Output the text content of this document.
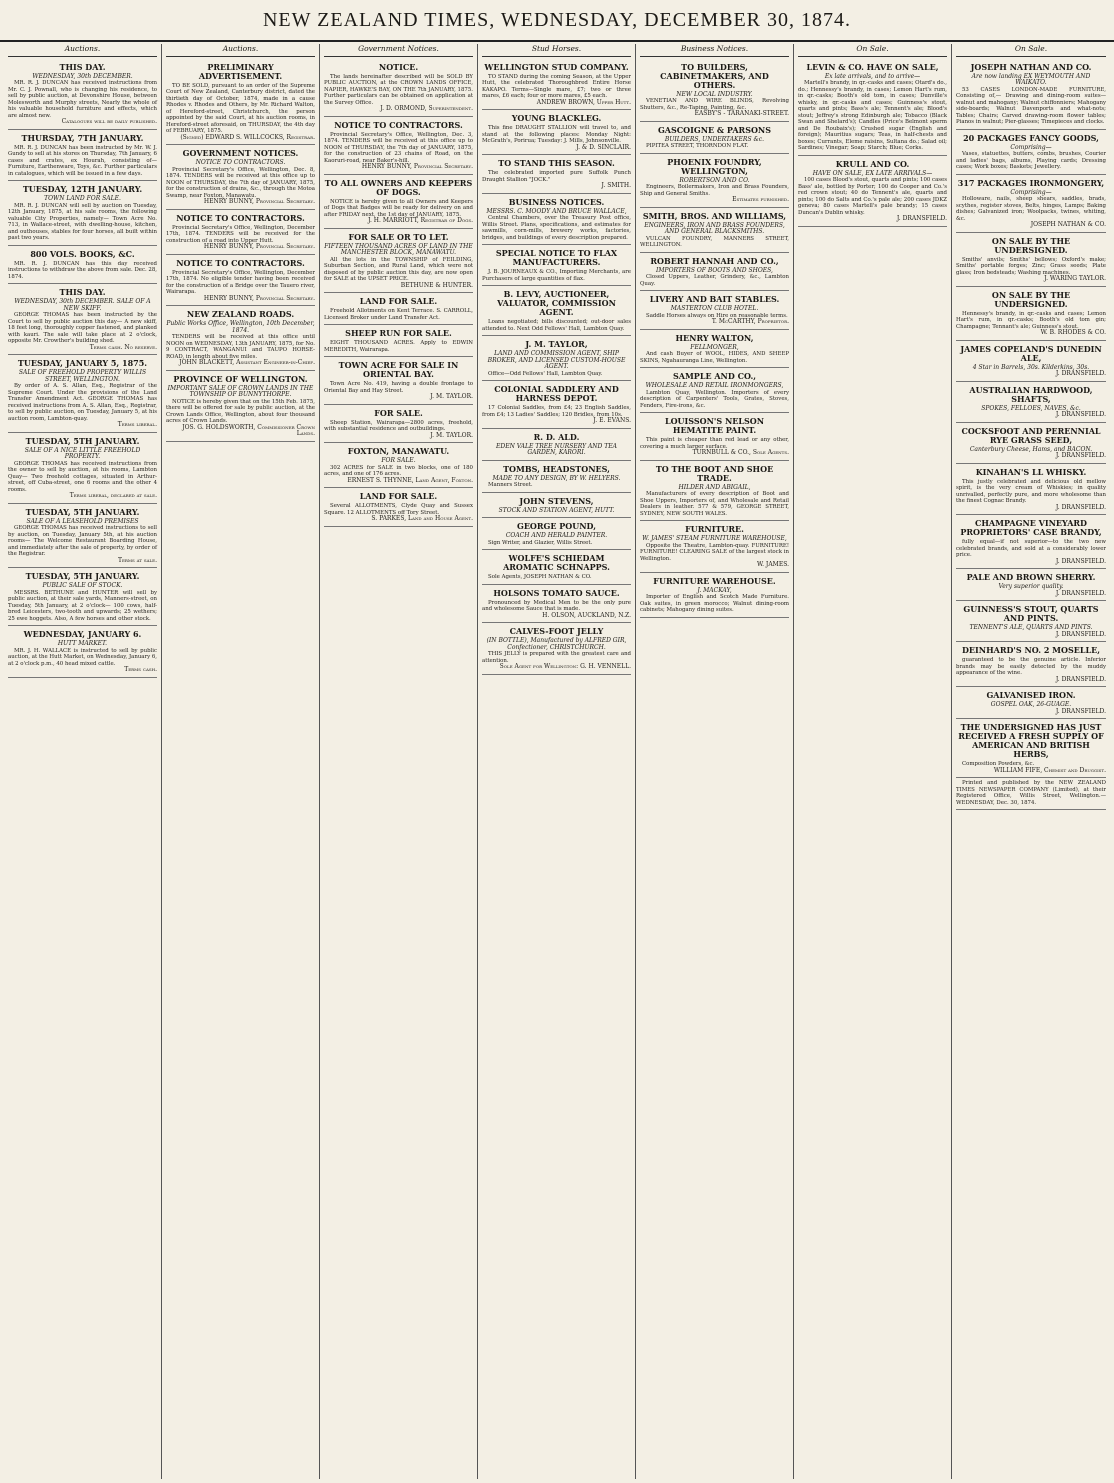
NEW ZEALAND TIMES, WEDNESDAY, DECEMBER 30, 1874.
Auctions.
THIS DAY.
WEDNESDAY, 30th DECEMBER.
MR. R. J. DUNCAN has received instructions from Mr. C. J. Pownall, who is changing his residence, to sell by public auction, at Devonshire House, between Molesworth and Murphy streets, Nearly the whole of his valuable household furniture and effects, which are almost new.
Catalogues will be daily published.
THURSDAY, 7TH JANUARY.
MR. R. J. DUNCAN has been instructed by Mr. W. J. Gundy to sell at his stores on Thursday, 7th January, 6 cases and crates, ex Hourah, consisting of— Furniture, Earthenware, Toys, &c. Further particulars in catalogues, which will be issued in a few days.
TUESDAY, 12TH JANUARY.
TOWN LAND FOR SALE.
MR. R. J. DUNCAN will sell by auction on Tuesday, 12th January, 1875, at his sale rooms, the following valuable City Properties, namely— Town Acre No. 713, in Wallace-street, with dwelling-house, kitchen, and outhouses, stables for four horses, all built within past two years.
800 VOLS. BOOKS, &C.
MR. R. J. DUNCAN has this day received instructions to withdraw the above from sale. Dec. 28, 1874.
THIS DAY.
WEDNESDAY, 30th DECEMBER. SALE OF A NEW SKIFF.
GEORGE THOMAS has been instructed by the Court to sell by public auction this day— A new skiff, 18 feet long, thoroughly copper fastened, and planked with kauri. The sale will take place at 2 o'clock, opposite Mr. Crowther's building shed.
Terms cash. No reserve.
TUESDAY, JANUARY 5, 1875.
SALE OF FREEHOLD PROPERTY WILLIS STREET, WELLINGTON.
By order of A. S. Allan, Esq., Registrar of the Supreme Court. Under the provisions of the Land Transfer Amendment Act. GEORGE THOMAS has received instructions from A. S. Allan, Esq., Registrar, to sell by public auction, on Tuesday, January 5, at his auction room, Lambton-quay.
Terms liberal.
TUESDAY, 5TH JANUARY.
SALE OF A NICE LITTLE FREEHOLD PROPERTY.
GEORGE THOMAS has received instructions from the owner to sell by auction, at his rooms, Lambton Quay— Two freehold cottages, situated in Arthur-street, off Cuba-street, one 6 rooms and the other 4 rooms.
Terms liberal, declared at sale.
TUESDAY, 5TH JANUARY.
SALE OF A LEASEHOLD PREMISES
GEORGE THOMAS has received instructions to sell by auction, on Tuesday, January 5th, at his auction rooms— The Welcome Restaurant Boarding House, and immediately after the sale of property, by order of the Registrar.
Terms at sale.
TUESDAY, 5TH JANUARY.
PUBLIC SALE OF STOCK.
MESSRS. BETHUNE and HUNTER will sell by public auction, at their sale yards, Manners-street, on Tuesday, 5th January, at 2 o'clock— 100 cows, half-bred Leicesters, two-tooth and upwards; 25 wethers; 25 ewe hoggets. Also, A few horses and other stock.
WEDNESDAY, JANUARY 6.
HUTT MARKET.
MR. J. H. WALLACE is instructed to sell by public auction, at the Hutt Market, on Wednesday, January 6, at 2 o'clock p.m., 40 head mixed cattle.
Terms cash.
Auctions.
PRELIMINARY ADVERTISEMENT.
TO BE SOLD, pursuant to an order of the Supreme Court of New Zealand, Canterbury district, dated the thirtieth day of October, 1874, made in a cause Rhodes v. Rhodes and Others, by Mr. Richard Walton, of Hereford-street, Christchurch, the person appointed by the said Court, at his auction rooms, in Hereford-street aforesaid, on THURSDAY, the 4th day of FEBRUARY, 1875.
(Signed) EDWARD S. WILLCOCKS, Registrar.
GOVERNMENT NOTICES.
NOTICE TO CONTRACTORS.
Provincial Secretary's Office, Wellington, Dec. 8, 1874. TENDERS will be received at this office up to NOON of THURSDAY, the 7th day of JANUARY, 1875, for the construction of drains, &c., through the Motoa Swamp, near Foxton, Manawatu.
HENRY BUNNY, Provincial Secretary.
NOTICE TO CONTRACTORS.
Provincial Secretary's Office, Wellington, December 17th, 1874. TENDERS will be received for the construction of a road into Upper Hutt.
HENRY BUNNY, Provincial Secretary.
NOTICE TO CONTRACTORS.
Provincial Secretary's Office, Wellington, December 17th, 1874. No eligible tender having been received for the construction of a Bridge over the Tauero river, Wairarapa.
HENRY BUNNY, Provincial Secretary.
NEW ZEALAND ROADS.
Public Works Office, Wellington, 10th December, 1874.
TENDERS will be received at this office until NOON on WEDNESDAY, 13th JANUARY, 1875, for No. 9 CONTRACT, WANGANUI and TAUPO HORSE-ROAD, in length about five miles.
JOHN BLACKETT, Assistant Engineer-in-Chief.
PROVINCE OF WELLINGTON.
IMPORTANT SALE OF CROWN LANDS IN THE TOWNSHIP OF BUNNYTHORPE.
NOTICE is hereby given that on the 15th Feb. 1875, there will be offered for sale by public auction, at the Crown Lands Office, Wellington, about four thousand acres of Crown Lands.
JOS. G. HOLDSWORTH, Commissioner Crown Lands.
Government Notices.
NOTICE.
The lands hereinafter described will be SOLD BY PUBLIC AUCTION, at the CROWN LANDS OFFICE, NAPIER, HAWKE'S BAY, ON THE 7th JANUARY, 1875. Further particulars can be obtained on application at the Survey Office.
J. D. ORMOND, Superintendent.
NOTICE TO CONTRACTORS.
Provincial Secretary's Office, Wellington, Dec. 3, 1874. TENDERS will be received at this office up to NOON of THURSDAY, the 7th day of JANUARY, 1875, for the construction of 23 chains of Road, on the Kaoruri-road, near Baker's-hill.
HENRY BUNNY, Provincial Secretary.
TO ALL OWNERS AND KEEPERS OF DOGS.
NOTICE is hereby given to all Owners and Keepers of Dogs that Badges will be ready for delivery on and after FRIDAY next, the 1st day of JANUARY, 1875.
J. H. MARRIOTT, Registrar of Dogs.
FOR SALE OR TO LET.
FIFTEEN THOUSAND ACRES OF LAND IN THE MANCHESTER BLOCK, MANAWATU.
All the lots in the TOWNSHIP of FEILDING, Suburban Section, and Rural Land, which were not disposed of by public auction this day, are now open for SALE at the UPSET PRICE.
BETHUNE & HUNTER.
LAND FOR SALE.
Freehold Allotments on Kent Terrace. S. CARROLL, Licensed Broker under Land Transfer Act.
SHEEP RUN FOR SALE.
EIGHT THOUSAND ACRES. Apply to EDWIN MEREDITH, Wairarapa.
TOWN ACRE FOR SALE IN ORIENTAL BAY.
Town Acre No. 419, having a double frontage to Oriental Bay and Hay Street.
J. M. TAYLOR.
FOR SALE.
Sheep Station, Wairarapa—2800 acres, freehold, with substantial residence and outbuildings.
J. M. TAYLOR.
FOXTON, MANAWATU.
FOR SALE.
302 ACRES for SALE in two blocks, one of 180 acres, and one of 176 acres.
ERNEST S. THYNNE, Land Agent, Foxton.
LAND FOR SALE.
Several ALLOTMENTS, Clyde Quay and Sussex Square. 12 ALLOTMENTS off Tory Street.
S. PARKES, Land and House Agent.
Stud Horses.
WELLINGTON STUD COMPANY.
TO STAND during the coming Season, at the Upper Hutt, the celebrated Thoroughbred Entire Horse KAKAPO. Terms—Single mare, £7; two or three mares, £6 each; four or more mares, £5 each.
ANDREW BROWN, Upper Hutt.
YOUNG BLACKLEG.
This fine DRAUGHT STALLION will travel to, and stand at the following places: Monday Night: McGrath's, Porirua; Tuesday: J. Mills, Johnsonville.
J. & D. SINCLAIR.
TO STAND THIS SEASON.
The celebrated imported pure Suffolk Punch Draught Stallion "JOCK."
J. SMITH.
BUSINESS NOTICES.
MESSRS. C. MOODY AND BRUCE WALLACE,
Central Chambers, over the Treasury Post office, Willis Street. Plans, specifications, and estimates for sawmills, corn-mills, brewery works, factories, bridges, and buildings of every description prepared.
SPECIAL NOTICE TO FLAX MANUFACTURERS.
J. B. JOURNEAUX & CO., Importing Merchants, are Purchasers of large quantities of flax.
B. LEVY, AUCTIONEER, VALUATOR, COMMISSION AGENT.
Loans negotiated; bills discounted; out-door sales attended to. Next Odd Fellows' Hall, Lambton Quay.
J. M. TAYLOR,
LAND AND COMMISSION AGENT, SHIP BROKER, AND LICENSED CUSTOM-HOUSE AGENT.
Office—Odd Fellows' Hall, Lambton Quay.
COLONIAL SADDLERY AND HARNESS DEPOT.
17 Colonial Saddles, from £4; 23 English Saddles, from £4; 13 Ladies' Saddles; 120 Bridles, from 10s.
J. E. EVANS.
R. D. ALD.
EDEN VALE TREE NURSERY AND TEA GARDEN, KARORI.
TOMBS, HEADSTONES,
MADE TO ANY DESIGN, BY W. HELYERS.
Manners Street.
JOHN STEVENS,
STOCK AND STATION AGENT, HUTT.
GEORGE POUND,
COACH AND HERALD PAINTER.
Sign Writer, and Glazier, Willis Street.
WOLFE'S SCHIEDAM AROMATIC SCHNAPPS.
Sole Agents, JOSEPH NATHAN & CO.
HOLSONS TOMATO SAUCE.
Pronounced by Medical Men to be the only pure and wholesome Sauce that is made.
H. OLSON, AUCKLAND, N.Z.
CALVES-FOOT JELLY
(IN BOTTLE), Manufactured by ALFRED GIR, Confectioner, CHRISTCHURCH.
THIS JELLY is prepared with the greatest care and attention.
Sole Agent for Wellington: G. H. VENNELL.
Business Notices.
TO BUILDERS, CABINETMAKERS, AND OTHERS.
NEW LOCAL INDUSTRY.
VENETIAN AND WIRE BLINDS, Revolving Shutters, &c., Re-Taping, Painting, &c.
EASBY'S - TARANAKI-STREET.
GASCOIGNE & PARSONS
BUILDERS, UNDERTAKERS &c.
PIPITEA STREET, THORNDON FLAT.
PHOENIX FOUNDRY, WELLINGTON,
ROBERTSON AND CO.
Engineers, Boilermakers, Iron and Brass Founders, Ship and General Smiths.
Estimates furnished.
SMITH, BROS. AND WILLIAMS,
ENGINEERS, IRON AND BRASS FOUNDERS, AND GENERAL BLACKSMITHS.
VULCAN FOUNDRY, MANNERS STREET, WELLINGTON.
ROBERT HANNAH AND CO.,
IMPORTERS OF BOOTS AND SHOES,
Closed Uppers, Leather, Grindery, &c., Lambton Quay.
LIVERY AND BAIT STABLES.
MASTERTON CLUB HOTEL.
Saddle Horses always on Hire on reasonable terms.
T. McCARTHY, Proprietor.
HENRY WALTON,
FELLMONGER,
And cash Buyer of WOOL, HIDES, AND SHEEP SKINS, Ngahauranga Line, Wellington.
SAMPLE AND CO.,
WHOLESALE AND RETAIL IRONMONGERS,
Lambton Quay, Wellington. Importers of every description of Carpenters' Tools, Grates, Stoves, Fenders, Fire-irons, &c.
LOUISSON'S NELSON HEMATITE PAINT.
This paint is cheaper than red lead or any other, covering a much larger surface.
TURNBULL & CO., Sole Agents.
TO THE BOOT AND SHOE TRADE.
HILDER AND ABIGAIL,
Manufacturers of every description of Boot and Shoe Uppers, Importers of, and Wholesale and Retail Dealers in leather. 577 & 579, GEORGE STREET, SYDNEY, NEW SOUTH WALES.
FURNITURE.
W. JAMES' STEAM FURNITURE WAREHOUSE,
Opposite the Theatre, Lambton-quay. FURNITURE! FURNITURE! CLEARING SALE of the largest stock in Wellington.
W. JAMES.
FURNITURE WAREHOUSE.
J. MACKAY,
Importer of English and Scotch Made Furniture. Oak suites, in green morocco; Walnut dining-room cabinets; Mahogany dining suites.
On Sale.
LEVIN & CO. HAVE ON SALE,
Ex late arrivals, and to arrive—
Martell's brandy, in qr.-casks and cases; Otard's do., do.; Hennessy's brandy, in cases; Lemon Hart's rum, in qr.-casks; Booth's old tom, in cases; Dunville's whisky, in qr.-casks and cases; Guinness's stout, quarts and pints; Bass's ale; Tennent's ale; Blood's stout; Jeffrey's strong Edinburgh ale; Tobacco (Black Swan and Shelard's); Candles (Price's Belmont sperm and De Roubaix's); Crushed sugar (English and foreign); Mauritius sugars; Teas, in half-chests and boxes; Currants, Eleme raisins, Sultana do.; Salad oil; Sardines; Vinegar; Soap; Starch; Blue; Corks.
KRULL AND CO.
HAVE ON SALE, EX LATE ARRIVALS—
100 cases Blood's stout, quarts and pints; 100 cases Bass' ale, bottled by Porter; 100 do Cooper and Co.'s red crown stout; 40 do Tennent's ale, quarts and pints; 100 do Salts and Co.'s pale ale; 200 cases JDKZ geneva; 80 cases Martell's pale brandy; 15 cases Duncan's Dublin whisky.
J. DRANSFIELD.
On Sale.
JOSEPH NATHAN AND CO.
Are now landing EX WEYMOUTH AND WAIKATO.
53 CASES LONDON-MADE FURNITURE, Consisting of,— Drawing and dining-room suites—walnut and mahogany; Walnut chiffonniers; Mahogany side-boards; Walnut Davenports and what-nots; Tables; Chairs; Carved drawing-room flower tables; Pianos in walnut; Pier-glasses; Timepieces and clocks.
20 PACKAGES FANCY GOODS,
Comprising—
Vases, statuettes, butters, combs, brushes, Courier and ladies' bags, albums, Playing cards; Dressing cases; Work boxes; Baskets; Jewellery.
317 PACKAGES IRONMONGERY,
Comprising—
Holloware, nails, sheep shears, saddles, brads, scythes, register stoves, Belts, hinges, Lamps; Baking dishes; Galvanized iron; Woolpacks, twines, whiting, &c.
JOSEPH NATHAN & CO.
ON SALE BY THE UNDERSIGNED.
Smiths' anvils; Smiths' bellows; Oxford's make; Smiths' portable forges; Zinc; Grass seeds; Plate glass; Iron bedsteads; Washing machines.
J. WARING TAYLOR.
ON SALE BY THE UNDERSIGNED.
Hennessy's brandy, in qr.-casks and cases; Lemon Hart's rum, in qr.-casks; Booth's old tom gin; Champagne; Tennant's ale; Guinness's stout.
W. B. RHODES & CO.
JAMES COPELAND'S DUNEDIN ALE,
4 Star in Barrels, 30s. Kilderkins, 30s.
J. DRANSFIELD.
AUSTRALIAN HARDWOOD, SHAFTS,
SPOKES, FELLOES, NAVES, &c.
J. DRANSFIELD.
COCKSFOOT AND PERENNIAL RYE GRASS SEED,
Canterbury Cheese, Hams, and BACON.
J. DRANSFIELD.
KINAHAN'S LL WHISKY.
This justly celebrated and delicious old mellow spirit, is the very cream of Whiskies; in quality unrivalled, perfectly pure, and more wholesome than the finest Cognac Brandy.
J. DRANSFIELD.
CHAMPAGNE VINEYARD PROPRIETORS' CASE BRANDY,
fully equal—if not superior—to the two new celebrated brands, and sold at a considerably lower price.
J. DRANSFIELD.
PALE AND BROWN SHERRY.
Very superior quality.
J. DRANSFIELD.
GUINNESS'S STOUT, QUARTS AND PINTS.
TENNENT'S ALE, QUARTS AND PINTS.
J. DRANSFIELD.
DEINHARD'S NO. 2 MOSELLE,
guaranteed to be the genuine article. Inferior brands may be easily detected by the muddy appearance of the wine.
J. DRANSFIELD.
GALVANISED IRON.
GOSPEL OAK, 26-GUAGE.
J. DRANSFIELD.
THE UNDERSIGNED HAS JUST RECEIVED A FRESH SUPPLY OF AMERICAN AND BRITISH HERBS,
Composition Powders, &c.
WILLIAM FIFE, Chemist and Druggist.
Printed and published by the NEW ZEALAND TIMES NEWSPAPER COMPANY (Limited), at their Registered Office, Willis Street, Wellington.—WEDNESDAY, Dec. 30, 1874.
